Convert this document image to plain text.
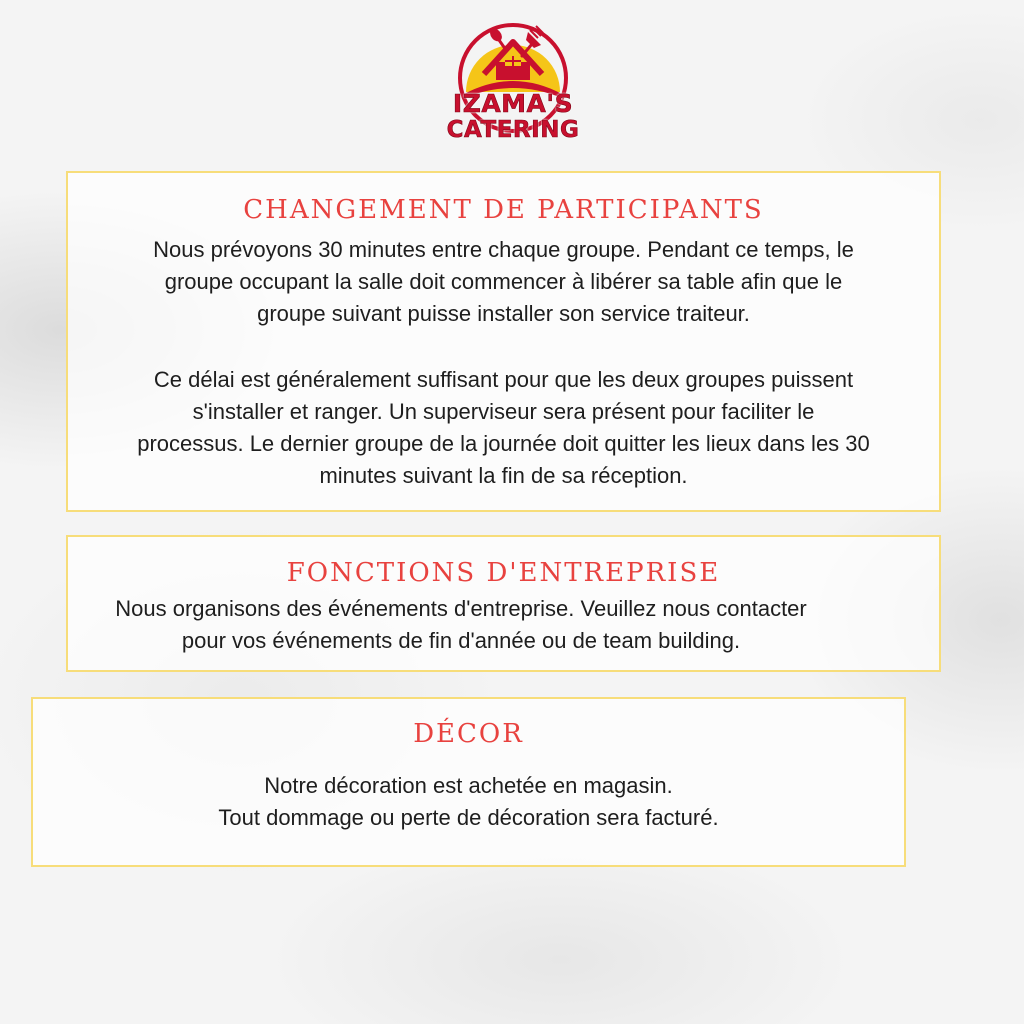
IZAMA'S
CATERING
CHANGEMENT DE PARTICIPANTS

Nous prévoyons 30 minutes entre chaque groupe. Pendant ce temps, le
groupe occupant la salle doit commencer à libérer sa table afin que le
groupe suivant puisse installer son service traiteur.

Ce délai est généralement suffisant pour que les deux groupes puissent
s'installer et ranger. Un superviseur sera présent pour faciliter le
processus. Le dernier groupe de la journée doit quitter les lieux dans les 30
minutes suivant la fin de sa réception.

FONCTIONS D'ENTREPRISE

Nous organisons des événements d'entreprise. Veuillez nous contacter
pour vos événements de fin d'année ou de team building.

DÉCOR

Notre décoration est achetée en magasin.
Tout dommage ou perte de décoration sera facturé.
